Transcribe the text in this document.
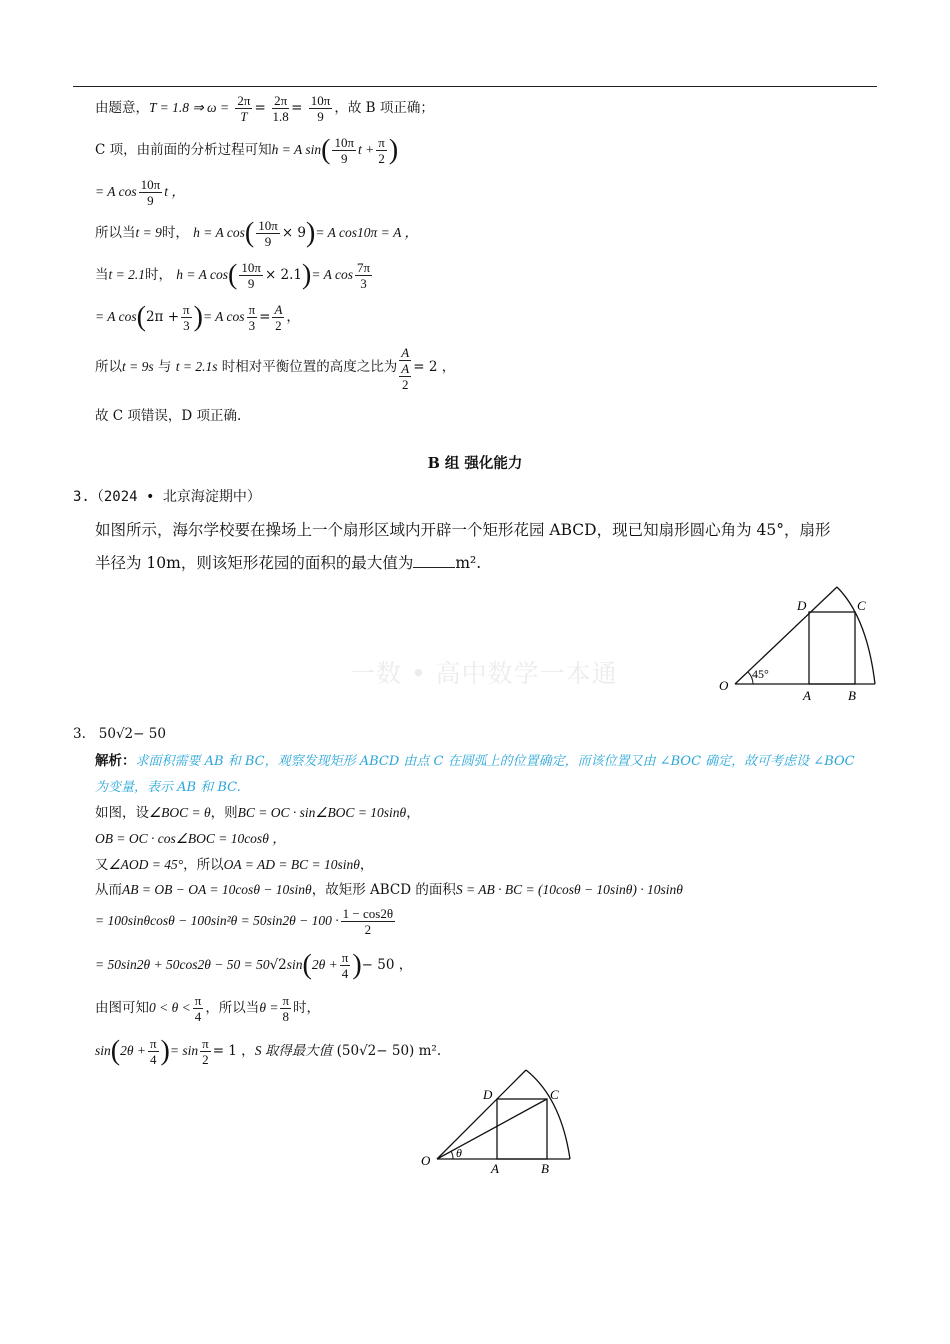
由题意，T = 1.8 ⇒ $\omega = \frac{2\pi}{T} = \frac{2\pi}{1.8} = \frac{10\pi}{9}$ ，故 B 项正确；
C 项，由前面的分析过程可知h = A $\sin( \frac{10\pi}{9}$ $t + \frac{\pi}{2}$ )
= A $\cos \frac{10\pi}{9}$ t ，
所以当t = 9时， h = A $\cos( \frac{10\pi}{9} \times 9)= A$ cos10π = A ，
当t = 2.1时， h = A $\cos( \frac{10\pi}{9} \times 2.1)= A$ $\cos \frac{7\pi}{3}$
= A $\cos(2\pi + \frac{\pi}{3}$ )= A $\cos \frac{\pi}{3} = \frac{A}{2}$ ，
所以t = 9s 与 t = 2.1s 时相对平衡位置的高度之比为 A
A
2 = 2 ，
故 C 项错误，D 项正确.
B 组 强化能力
3.（2024 • 北京海淀期中）
如图所示，海尔学校要在操场上一个扇形区域内开辟一个矩形花园 ABCD，现已知扇形圆心角为 45°，扇形
半径为 10m，则该矩形花园的面积的最大值为	m².
一数 • 高中数学一本通
D	C
O
A	B
45°
3. 50√2− 50
解析：求面积需要 AB 和 BC，观察发现矩形 ABCD 由点 C 在圆弧上的位置确定，而该位置又由 ∠BOC 确定，故可考虑设 ∠BOC
为变量，表示 AB 和 BC.
如图，设∠BOC = θ，则BC = OC · sin∠BOC = 10sinθ，
OB = OC · cos∠BOC = 10cosθ ，
又∠AOD = 45°，所以OA = AD = BC = 10sinθ，
从而AB = OB − OA = 10cosθ − 10sinθ，故矩形 ABCD 的面积S = AB · BC = (10cosθ − 10sinθ) · 10sinθ
= $100\sin\theta\cos\theta - 100\sin^2\theta = 50\sin 2\theta - 100 \cdot \frac{1 - \cos 2\theta}{2}$
= $50\sin 2\theta + 50\cos 2\theta - 50 = 50√2\sin(2\theta + \frac{\pi}{4}$ )− 50 ，
由图可知$0 < \theta < \frac{\pi}{4}$ ，所以当$\theta = \frac{\pi}{8}$ 时，
$\sin(2\theta + \frac{\pi}{4}$ )= $\sin \frac{\pi}{2} = 1$ ，S 取得最大值 (50√2− 50) m².
D	C
O
A	B
θ
